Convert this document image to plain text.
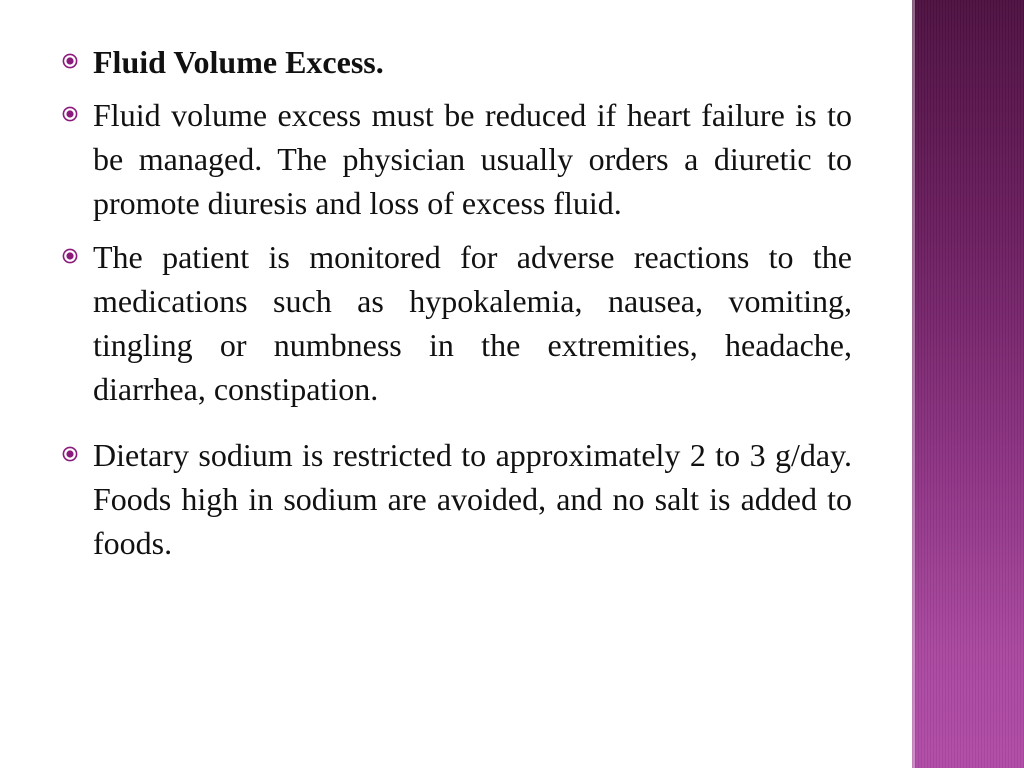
Fluid Volume Excess.
Fluid volume excess must be reduced if heart failure is to be managed. The physician usually orders a diuretic to promote diuresis and loss of excess fluid.
The patient is monitored for adverse reactions to the medications such as hypokalemia, nausea, vomiting, tingling or numbness in the extremities, headache, diarrhea, constipation.
Dietary sodium is restricted to approximately 2 to 3 g/day. Foods high in sodium are avoided, and no salt is added to foods.
